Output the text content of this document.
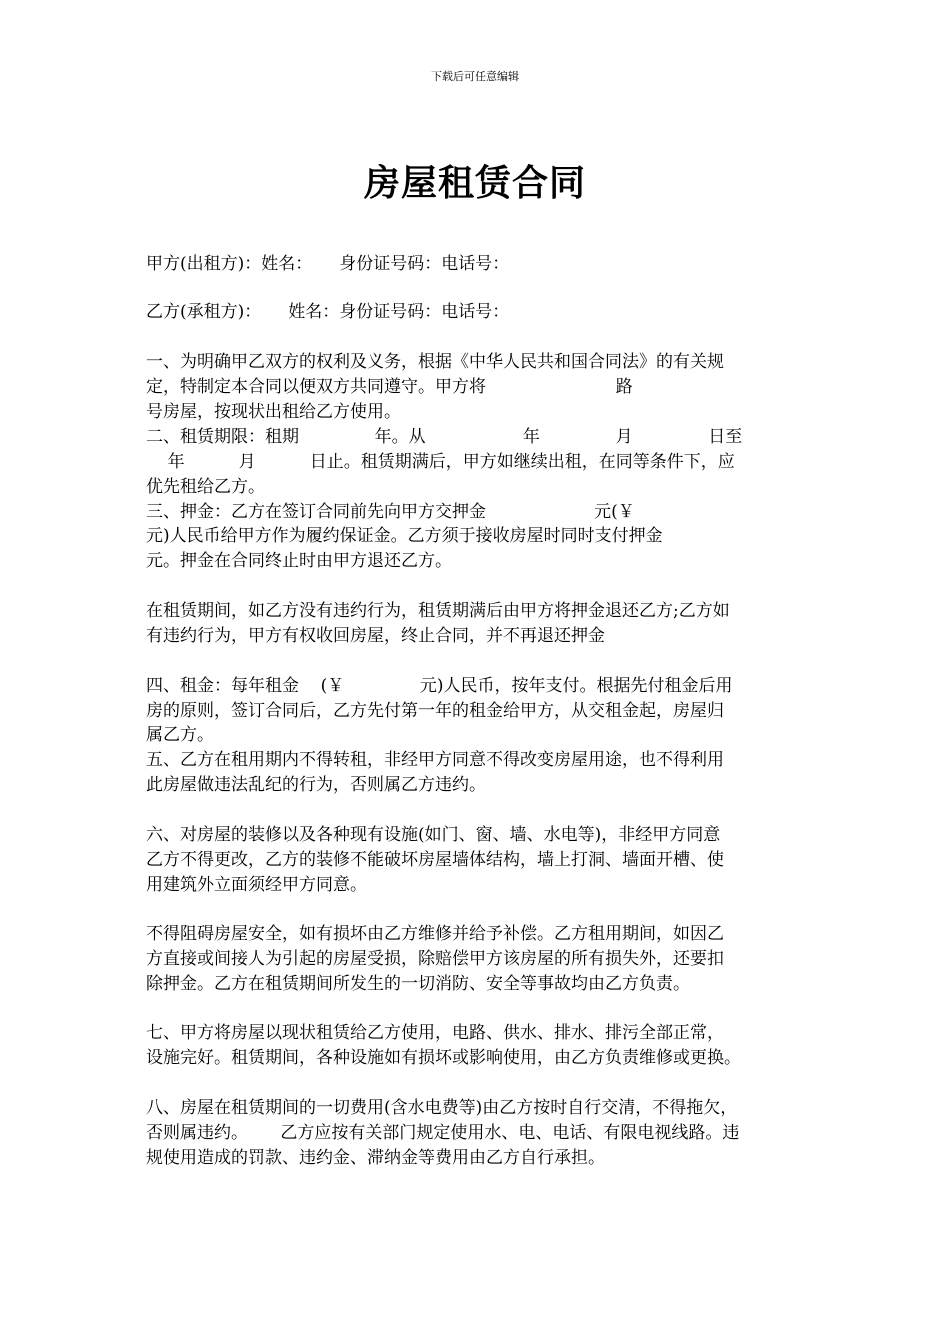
下载后可任意编辑
房屋租赁合同
甲方(出租方)：姓名：     身份证号码：电话号：
乙方(承租方)：     姓名：身份证号码：电话号：
一、为明确甲乙双方的权利及义务，根据《中华人民共和国合同法》的有关规
定，特制定本合同以便双方共同遵守。甲方将                        路
号房屋，按现状出租给乙方使用。
二、租赁期限：租期              年。从                  年              月              日至
年          月          日止。租赁期满后，甲方如继续出租，在同等条件下，应
优先租给乙方。
三、押金：乙方在签订合同前先向甲方交押金                    元(￥
元)人民币给甲方作为履约保证金。乙方须于接收房屋时同时支付押金
元。押金在合同终止时由甲方退还乙方。
在租赁期间，如乙方没有违约行为，租赁期满后由甲方将押金退还乙方;乙方如
有违约行为，甲方有权收回房屋，终止合同，并不再退还押金
四、租金：每年租金    (￥              元)人民币，按年支付。根据先付租金后用
房的原则，签订合同后，乙方先付第一年的租金给甲方，从交租金起，房屋归
属乙方。
五、乙方在租用期内不得转租，非经甲方同意不得改变房屋用途，也不得利用
此房屋做违法乱纪的行为，否则属乙方违约。
六、对房屋的装修以及各种现有设施(如门、窗、墙、水电等)，非经甲方同意
乙方不得更改，乙方的装修不能破坏房屋墙体结构，墙上打洞、墙面开槽、使
用建筑外立面须经甲方同意。
不得阻碍房屋安全，如有损坏由乙方维修并给予补偿。乙方租用期间，如因乙
方直接或间接人为引起的房屋受损，除赔偿甲方该房屋的所有损失外，还要扣
除押金。乙方在租赁期间所发生的一切消防、安全等事故均由乙方负责。
七、甲方将房屋以现状租赁给乙方使用，电路、供水、排水、排污全部正常，
设施完好。租赁期间，各种设施如有损坏或影响使用，由乙方负责维修或更换。
八、房屋在租赁期间的一切费用(含水电费等)由乙方按时自行交清，不得拖欠，
否则属违约。      乙方应按有关部门规定使用水、电、电话、有限电视线路。违
规使用造成的罚款、违约金、滞纳金等费用由乙方自行承担。
